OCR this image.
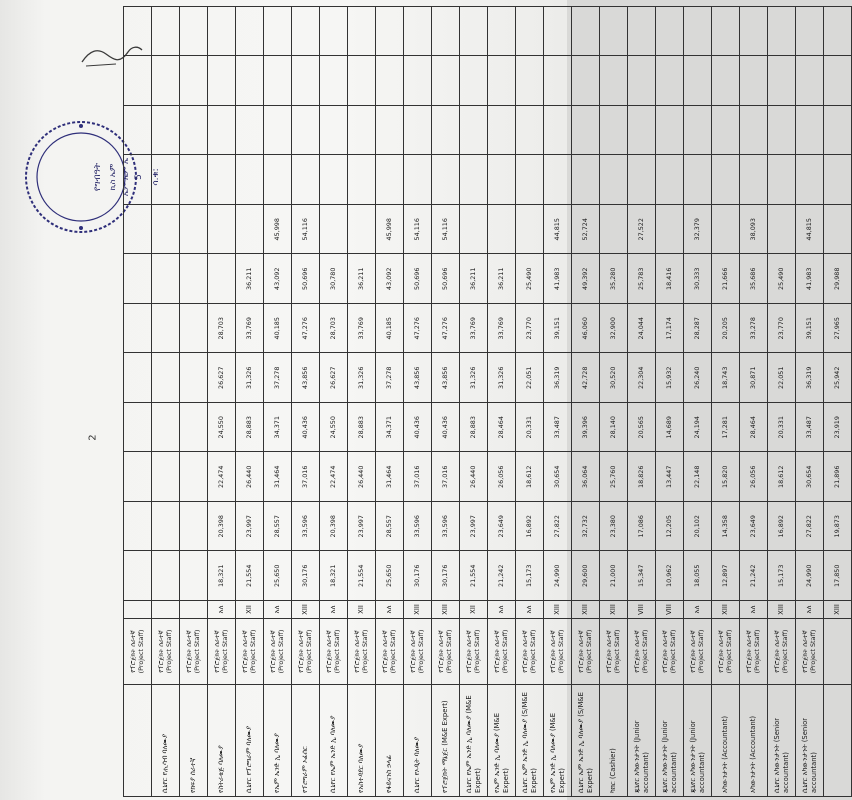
የግብዓት ኪስ ኤም ኤም ኤም ኤ 5 ሳ.ቁ:
2
	የፕሮጀክት ሰራተኛ (Project Staff)													
ሲኒየር የሒሳብ ባለሙያ	የፕሮጀክት ሰራተኛ (Project Staff)													
የክፍያ ሰራተኛ	የፕሮጀክት ሰራተኛ (Project Staff)													
የስትራቴጅ ባለሙያ	የፕሮጀክት ሰራተኛ (Project Staff)	አለ	18,321	20,398	22,474	24,550	26,627	28,703						
ሲኒየር የፕሮግራም ባለሙያ	የፕሮጀክት ሰራተኛ (Project Staff)	XII	21,554	23,997	26,440	28,883	31,326	33,769	36,211					
የኤም ኤንድ ኢ ባለሙያ	የፕሮጀክት ሰራተኛ (Project Staff)	አለ	25,650	28,557	31,464	34,371	37,278	40,185	43,092	45,998				
የፕሮግራም ኦፊሰር	የፕሮጀክት ሰራተኛ (Project Staff)	XIII	30,176	33,596	37,016	40,436	43,856	47,276	50,696	54,116				
ሲኒየር የኤም ኤንድ ኢ ባለሙያ	የፕሮጀክት ሰራተኛ (Project Staff)	አለ	18,321	20,398	22,474	24,550	26,627	28,703	30,780					
የአስተዳደር ባለሙያ	የፕሮጀክት ሰራተኛ (Project Staff)	XII	21,554	23,997	26,440	28,883	31,326	33,769	36,211					
የፋይናንስ ኃላፊ	የፕሮጀክት ሰራተኛ (Project Staff)	አለ	25,650	28,557	31,464	34,371	37,278	40,185	43,092	45,998				
ሲኒየር የኦዲት ባለሙያ	የፕሮጀክት ሰራተኛ (Project Staff)	XIII	30,176	33,596	37,016	40,436	43,856	47,276	50,696	54,116				
የፕሮጀክት ማኔጀር (M&E Expert)	የፕሮጀክት ሰራተኛ (Project Staff)	XIII	30,176	33,596	37,016	40,436	43,856	47,276	50,696	54,116				
ሲኒየር የኤም ኤንድ ኢ ባለሙያ (M&E Expert)	የፕሮጀክት ሰራተኛ (Project Staff)	XII	21,554	23,997	26,440	28,883	31,326	33,769	36,211					
የኤም ኤንድ ኢ ባለሙያ (M&E Expert)	የፕሮጀክት ሰራተኛ (Project Staff)	አለ	21,242	23,649	26,056	28,464	31,326	33,769	36,211					
ሲኒየር ኤም ኤንድ ኢ ባለሙያ (S/M&E Expert)	የፕሮጀክት ሰራተኛ (Project Staff)	አለ	15,173	16,892	18,612	20,331	22,051	23,770	25,490					
የኤም ኤንድ ኢ ባለሙያ (M&E Expert)	የፕሮጀክት ሰራተኛ (Project Staff)	XIII	24,990	27,822	30,654	33,487	36,319	39,151	41,983	44,815				
ሲኒየር ኤም ኤንድ ኢ ባለሙያ (S/M&E Expert)	የፕሮጀክት ሰራተኛ (Project Staff)	XIII	29,600	32,732	36,064	39,396	42,728	46,060	49,392	52,724				
ካሸር (Cashier)	የፕሮጀክት ሰራተኛ (Project Staff)	XIII	21,000	23,380	25,760	28,140	30,520	32,900	35,280					
ጁኒየር አካውንታንት (Junior accountant)	የፕሮጀክት ሰራተኛ (Project Staff)	VIII	15,347	17,086	18,826	20,565	22,304	24,044	25,783	27,522				
ጁኒየር አካውንታንት (Junior accountant)	የፕሮጀክት ሰራተኛ (Project Staff)	VIII	10,962	12,205	13,447	14,689	15,932	17,174	18,416					
ጁኒየር አካውንታንት (Junior accountant)	የፕሮጀክት ሰራተኛ (Project Staff)	አለ	18,055	20,102	22,148	24,194	26,240	28,287	30,333	32,379				
አካውንታንት (Accountant)	የፕሮጀክት ሰራተኛ (Project Staff)	XIII	12,897	14,358	15,820	17,281	18,743	20,205	21,666					
አካውንታንት (Accountant)	የፕሮጀክት ሰራተኛ (Project Staff)	አለ	21,242	23,649	26,056	28,464	30,871	33,278	35,686	38,093				
ሲኒየር አካውንታንት (Senior accountant)	የፕሮጀክት ሰራተኛ (Project Staff)	XIII	15,173	16,892	18,612	20,331	22,051	23,770	25,490					
ሲኒየር አካውንታንት (Senior accountant)	የፕሮጀክት ሰራተኛ (Project Staff)	አለ	24,990	27,822	30,654	33,487	36,319	39,151	41,983	44,815				
		XIII	17,850	19,873	21,896	23,919	25,942	27,965	29,988					
